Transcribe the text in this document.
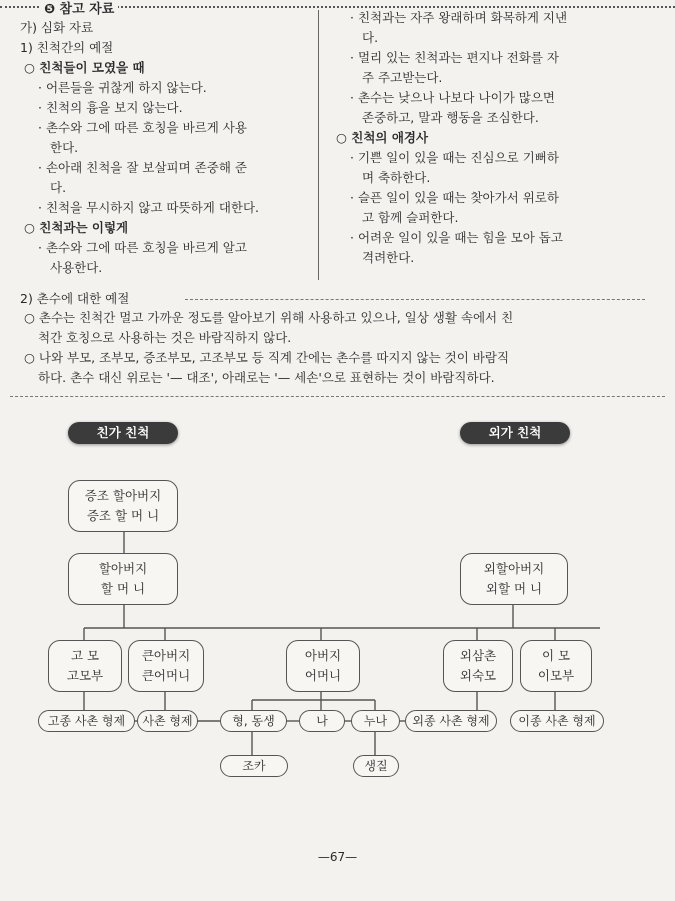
❺ 참고 자료
가) 심화 자료
1) 친척간의 예절
○ 친척들이 모였을 때
· 어른들을 귀찮게 하지 않는다.
· 친척의 흉을 보지 않는다.
· 촌수와 그에 따른 호칭을 바르게 사용
한다.
· 손아래 친척을 잘 보살피며 존중해 준
다.
· 친척을 무시하지 않고 따뜻하게 대한다.
○ 친척과는 이렇게
· 촌수와 그에 따른 호칭을 바르게 알고
사용한다.
· 친척과는 자주 왕래하며 화목하게 지낸
다.
· 멀리 있는 친척과는 편지나 전화를 자
주 주고받는다.
· 촌수는 낮으나 나보다 나이가 많으면
존중하고, 말과 행동을 조심한다.
○ 친척의 애경사
· 기쁜 일이 있을 때는 진심으로 기뻐하
며 축하한다.
· 슬픈 일이 있을 때는 찾아가서 위로하
고 함께 슬퍼한다.
· 어려운 일이 있을 때는 힘을 모아 돕고
격려한다.
2) 촌수에 대한 예절
○ 촌수는 친척간 멀고 가까운 정도를 알아보기 위해 사용하고 있으나, 일상 생활 속에서 친
척간 호칭으로 사용하는 것은 바람직하지 않다.
○ 나와 부모, 조부모, 증조부모, 고조부모 등 직계 간에는 촌수를 따지지 않는 것이 바람직
하다. 촌수 대신 위로는 '— 대조', 아래로는 '— 세손'으로 표현하는 것이 바람직하다.
친가 친척	외가 친척
증조 할아버지
증조 할 머 니
할아버지
할 머 니
외할아버지
외할 머 니
고 모
고모부
큰아버지
큰어머니
아버지
어머니
외삼촌
외숙모
이 모
이모부
고종 사촌 형제	사촌 형제	형, 동생	나	누나	외종 사촌 형제	이종 사촌 형제
조카	생질
—67—
